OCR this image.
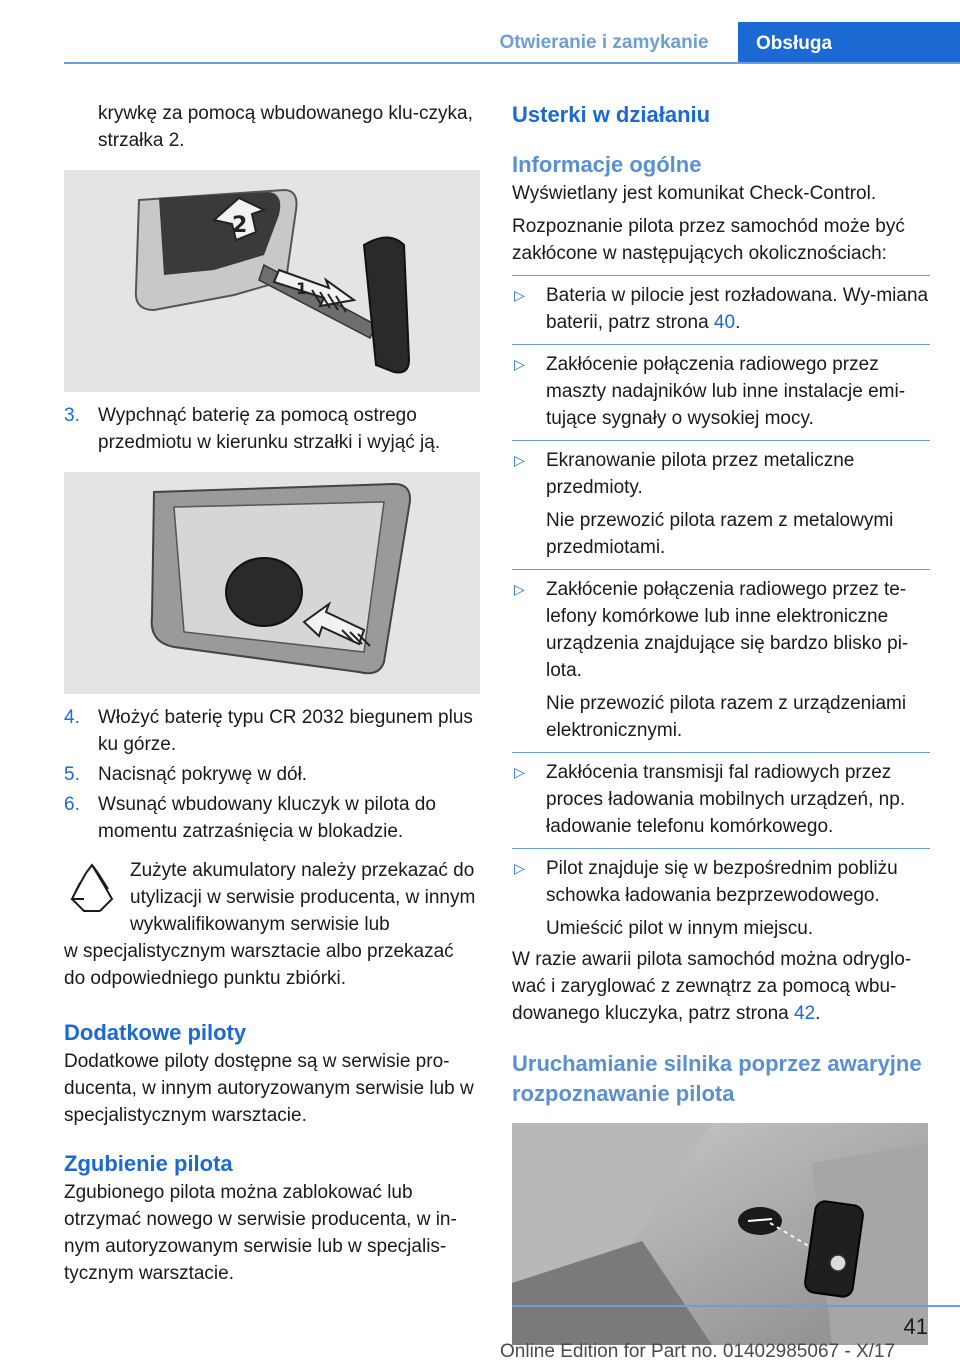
Otwieranie i zamykanie	Obsługa

krywkę za pomocą wbudowanego klu-czyka, strzałka 2.

2
1
3. Wypchnąć baterię za pomocą ostrego przedmiotu w kierunku strzałki i wyjąć ją.
4. Włożyć baterię typu CR 2032 biegunem plus ku górze.
5. Nacisnąć pokrywę w dół.
6. Wsunąć wbudowany kluczyk w pilota do momentu zatrzaśnięcia w blokadzie.

Zużyte akumulatory należy przekazać do utylizacji w serwisie producenta, w innym wykwalifikowanym serwisie lub

w specjalistycznym warsztacie albo przekazać do odpowiedniego punktu zbiórki.

Dodatkowe piloty

Dodatkowe piloty dostępne są w serwisie pro-ducenta, w innym autoryzowanym serwisie lub w specjalistycznym warsztacie.

Zgubienie pilota

Zgubionego pilota można zablokować lub otrzymać nowego w serwisie producenta, w in-nym autoryzowanym serwisie lub w specjalis-tycznym warsztacie.

Usterki w działaniu
Informacje ogólne

Wyświetlany jest komunikat Check-Control.

Rozpoznanie pilota przez samochód może być zakłócone w następujących okolicznościach:

▷	Bateria w pilocie jest rozładowana. Wy-miana baterii, patrz strona 40.
▷	Zakłócenie połączenia radiowego przez maszty nadajników lub inne instalacje emi-tujące sygnały o wysokiej mocy.
▷	Ekranowanie pilota przez metaliczne przedmioty.

Nie przewozić pilota razem z metalowymi przedmiotami.

▷	Zakłócenie połączenia radiowego przez te-lefony komórkowe lub inne elektroniczne urządzenia znajdujące się bardzo blisko pi-lota.

Nie przewozić pilota razem z urządzeniami elektronicznymi.

▷	Zakłócenia transmisji fal radiowych przez proces ładowania mobilnych urządzeń, np. ładowanie telefonu komórkowego.
▷	Pilot znajduje się w bezpośrednim pobliżu schowka ładowania bezprzewodowego.

Umieścić pilot w innym miejscu.

W razie awarii pilota samochód można odryglo-wać i zaryglować z zewnątrz za pomocą wbu-dowanego kluczyka, patrz strona 42.

Uruchamianie silnika poprzez awaryjne rozpoznawanie pilota
41
Online Edition for Part no. 01402985067 - X/17
